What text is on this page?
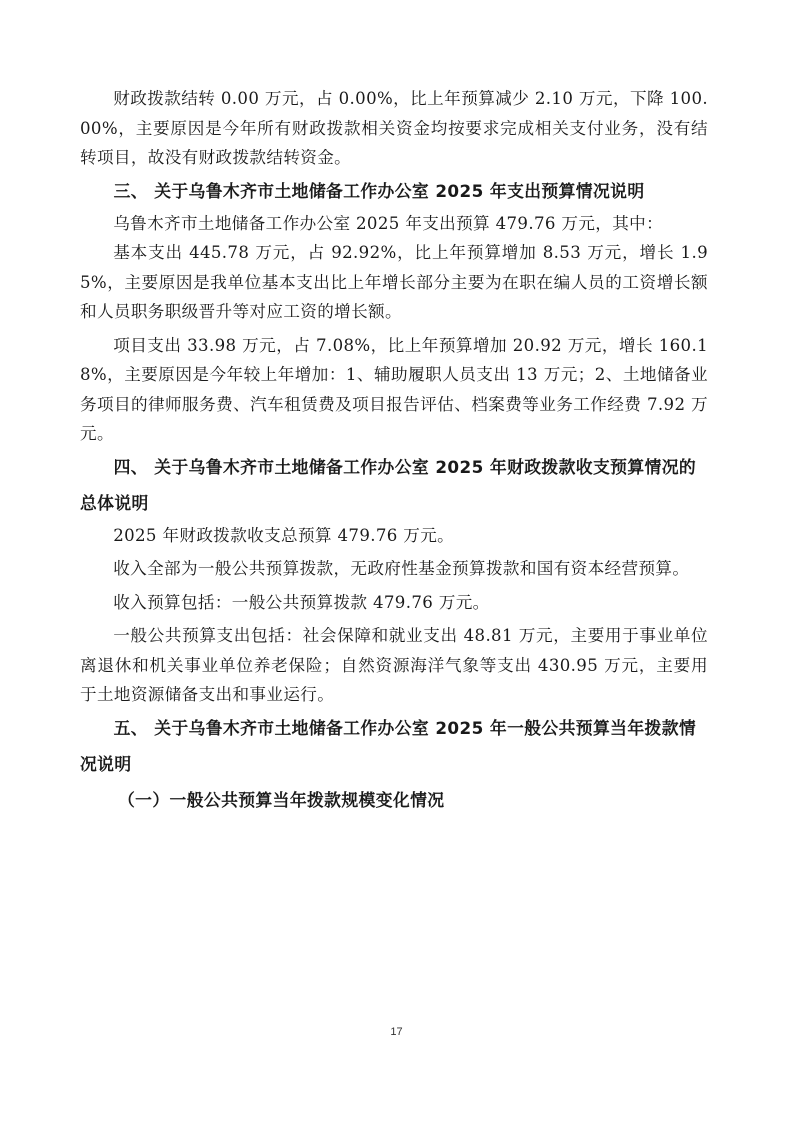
财政拨款结转 0.00 万元，占 0.00%，比上年预算减少 2.10 万元，下降 100.00%，主要原因是今年所有财政拨款相关资金均按要求完成相关支付业务，没有结转项目，故没有财政拨款结转资金。

三、 关于乌鲁木齐市土地储备工作办公室 2025 年支出预算情况说明

乌鲁木齐市土地储备工作办公室 2025 年支出预算 479.76 万元，其中：

基本支出 445.78 万元，占 92.92%，比上年预算增加 8.53 万元，增长 1.95%，主要原因是我单位基本支出比上年增长部分主要为在职在编人员的工资增长额和人员职务职级晋升等对应工资的增长额。

项目支出 33.98 万元，占 7.08%，比上年预算增加 20.92 万元，增长 160.18%，主要原因是今年较上年增加：1、辅助履职人员支出 13 万元；2、土地储备业务项目的律师服务费、汽车租赁费及项目报告评估、档案费等业务工作经费 7.92 万元。

四、 关于乌鲁木齐市土地储备工作办公室 2025 年财政拨款收支预算情况的总体说明

2025 年财政拨款收支总预算 479.76 万元。

收入全部为一般公共预算拨款，无政府性基金预算拨款和国有资本经营预算。

收入预算包括：一般公共预算拨款 479.76 万元。

一般公共预算支出包括：社会保障和就业支出 48.81 万元，主要用于事业单位离退休和机关事业单位养老保险；自然资源海洋气象等支出 430.95 万元，主要用于土地资源储备支出和事业运行。

五、 关于乌鲁木齐市土地储备工作办公室 2025 年一般公共预算当年拨款情况说明

（一）一般公共预算当年拨款规模变化情况

17
